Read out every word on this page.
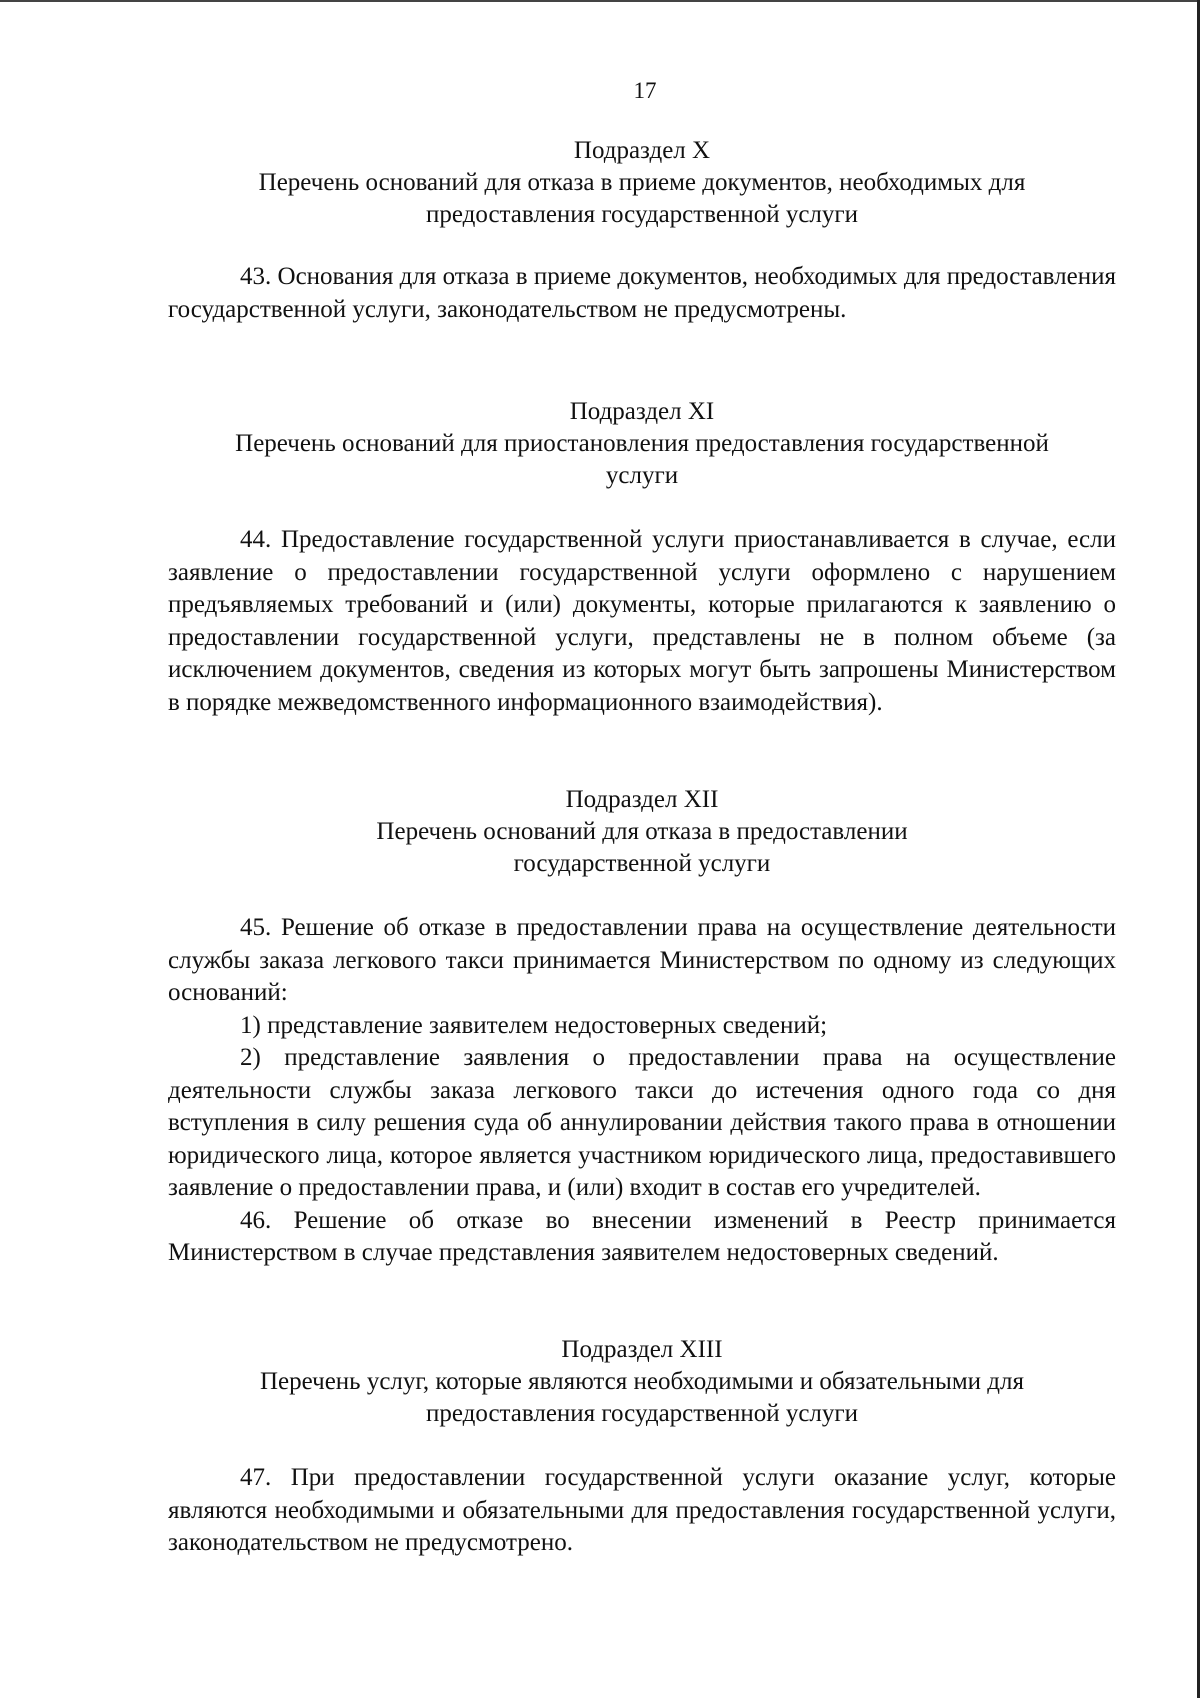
17
Подраздел X
Перечень оснований для отказа в приеме документов, необходимых для
предоставления государственной услуги
43. Основания для отказа в приеме документов, необходимых для предоставления государственной услуги, законодательством не предусмотрены.
Подраздел XI
Перечень оснований для приостановления предоставления государственной
услуги
44. Предоставление государственной услуги приостанавливается в случае, если заявление о предоставлении государственной услуги оформлено с нарушением предъявляемых требований и (или) документы, которые прилагаются к заявлению о предоставлении государственной услуги, представлены не в полном объеме (за исключением документов, сведения из которых могут быть запрошены Министерством в порядке межведомственного информационного взаимодействия).
Подраздел XII
Перечень оснований для отказа в предоставлении
государственной услуги
45. Решение об отказе в предоставлении права на осуществление деятельности службы заказа легкового такси принимается Министерством по одному из следующих оснований:
1) представление заявителем недостоверных сведений;
2) представление заявления о предоставлении права на осуществление деятельности службы заказа легкового такси до истечения одного года со дня вступления в силу решения суда об аннулировании действия такого права в отношении юридического лица, которое является участником юридического лица, предоставившего заявление о предоставлении права, и (или) входит в состав его учредителей.
46. Решение об отказе во внесении изменений в Реестр принимается Министерством в случае представления заявителем недостоверных сведений.
Подраздел XIII
Перечень услуг, которые являются необходимыми и обязательными для
предоставления государственной услуги
47. При предоставлении государственной услуги оказание услуг, которые являются необходимыми и обязательными для предоставления государственной услуги, законодательством не предусмотрено.
